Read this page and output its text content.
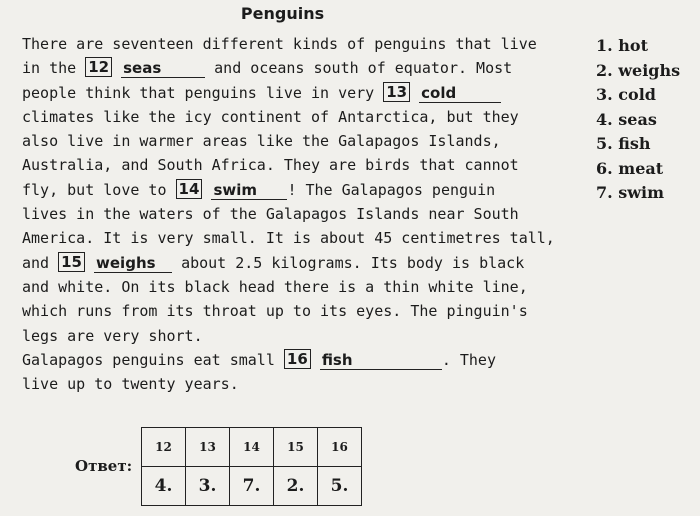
Penguins
There are seventeen different kinds of penguins that live
in the 12 seas	and oceans south of equator. Most
people think that penguins live in very 13 cold
climates like the icy continent of Antarctica, but they
also live in warmer areas like the Galapagos Islands,
Australia, and South Africa. They are birds that cannot
fly, but love to 14 swim ! The Galapagos penguin
lives in the waters of the Galapagos Islands near South
America. It is very small. It is about 45 centimetres tall,
and 15 weighs about 2.5 kilograms. Its body is black
and white. On its black head there is a thin white line,
which runs from its throat up to its eyes. The pinguin's
legs are very short.
Galapagos penguins eat small 16 fish	. They
live up to twenty years.
1. hot
2. weighs
3. cold
4. seas
5. fish
6. meat
7. swim
Ответ:
12	13	14	15	16
4.	3.	7.	2.	5.
